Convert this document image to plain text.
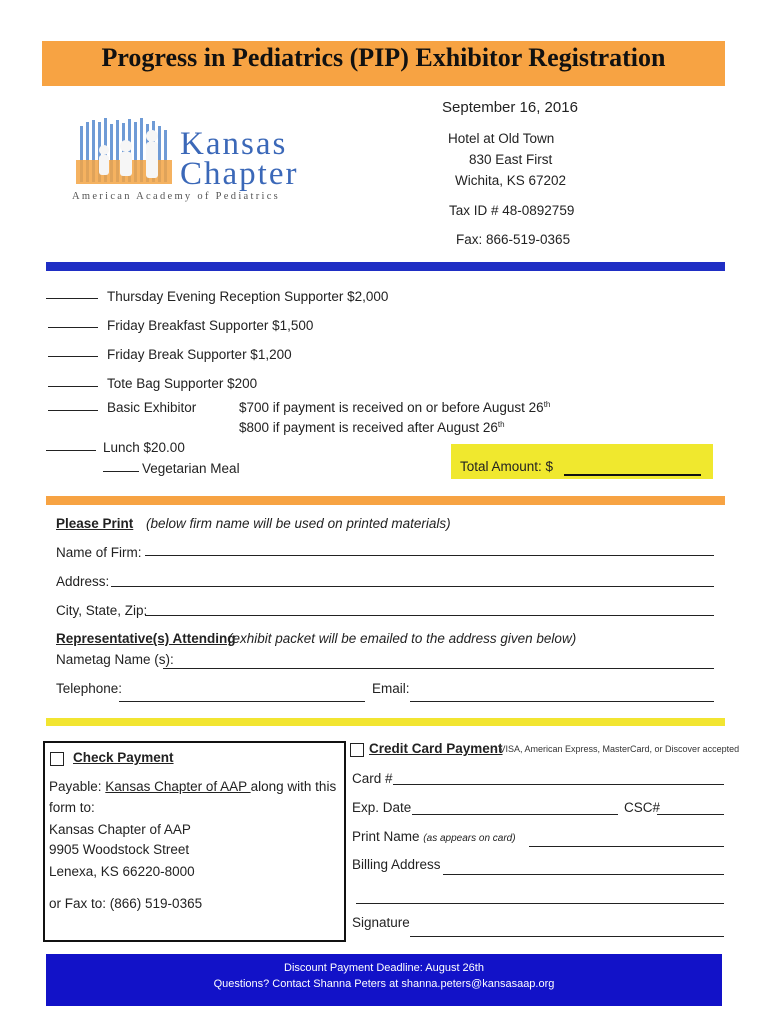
Progress in Pediatrics (PIP) Exhibitor Registration
Kansas
Chapter
American Academy of Pediatrics
September 16, 2016
Hotel at Old Town
830 East First
Wichita, KS 67202
Tax ID # 48-0892759
Fax: 866-519-0365
Thursday Evening Reception Supporter $2,000
Friday Breakfast Supporter $1,500
Friday Break Supporter $1,200
Tote Bag Supporter $200
Basic Exhibitor	$700 if payment is received on or before August 26th
$800 if payment is received after August 26th
Lunch $20.00
Vegetarian Meal	Total Amount: $
Please Print (below firm name will be used on printed materials)
Name of Firm:
Address:
City, State, Zip:
Representative(s) Attending
(exhibit packet will be emailed to the address given below)
Nametag Name (s):
Telephone:	Email:
Check Payment
Payable: Kansas Chapter of AAP along with this
form to:
Kansas Chapter of AAP
9905 Woodstock Street
Lenexa, KS 66220-8000
or Fax to: (866) 519-0365
Credit Card Payment
- VISA, American Express, MasterCard, or Discover accepted
Card #
Exp. Date	CSC#
Print Name (as appears on card)
Billing Address
Signature
Discount Payment Deadline: August 26th
Questions? Contact Shanna Peters at shanna.peters@kansasaap.org
